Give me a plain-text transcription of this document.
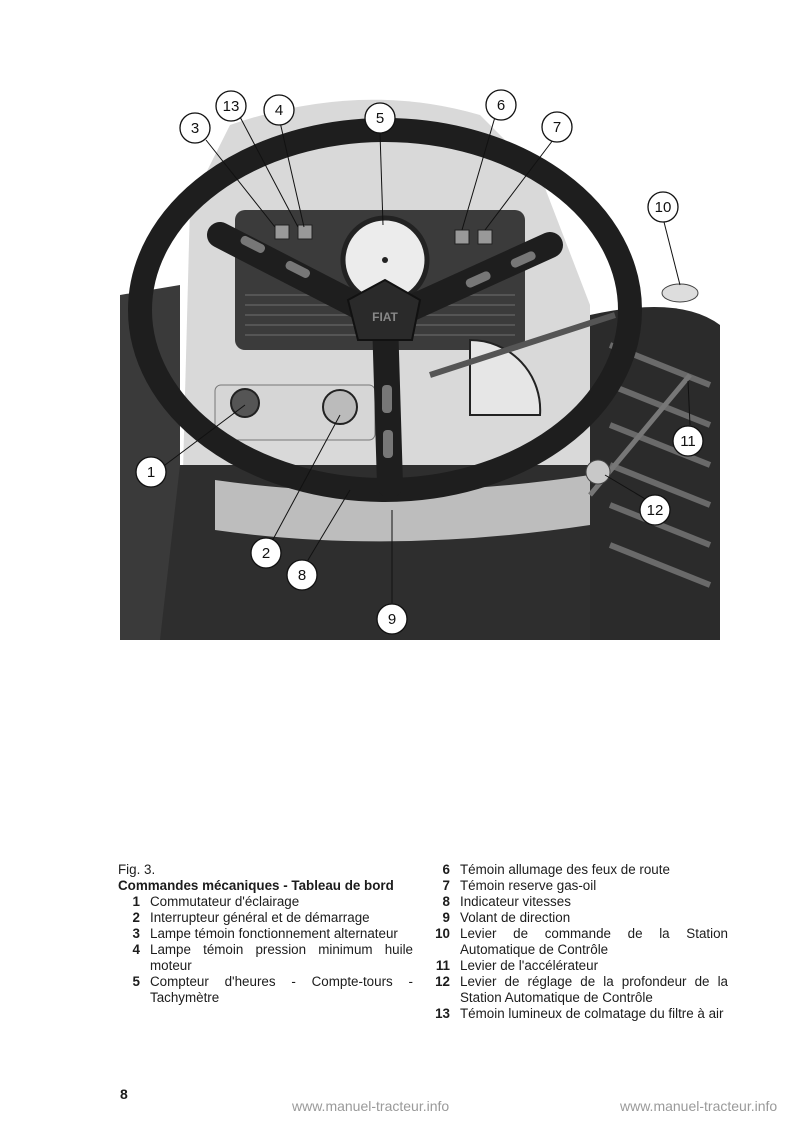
FIAT
3
13 4	5
6
7
10
11
12
1
2
8
9
Fig. 3.
Commandes mécaniques - Tableau de bord
1 Commutateur d'éclairage
2 Interrupteur général et de démarrage
3 Lampe témoin fonctionnement alternateur
4 Lampe témoin pression minimum huile moteur
5 Compteur d'heures - Compte-tours - Tachymètre
6 Témoin allumage des feux de route
7 Témoin reserve gas-oil
8 Indicateur vitesses
9 Volant de direction
10 Levier de commande de la Station Automatique de Contrôle
11 Levier de l'accélérateur
12 Levier de réglage de la profondeur de la Station Automatique de Contrôle
13 Témoin lumineux de colmatage du filtre à air
8
www.manuel-tracteur.info	www.manuel-tracteur.info
